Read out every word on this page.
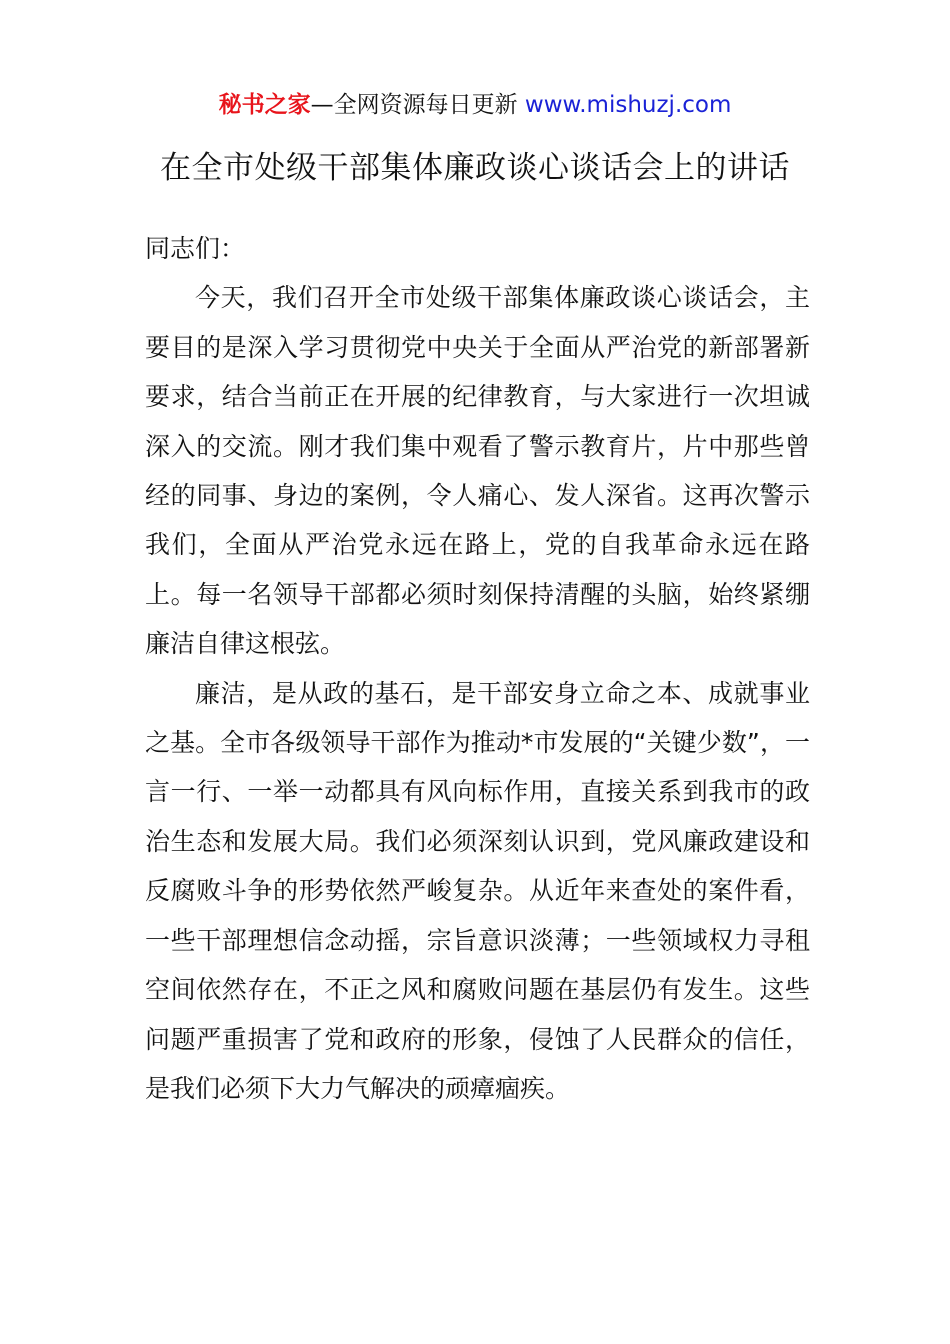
秘书之家—全网资源每日更新 www.mishuzj.com
在全市处级干部集体廉政谈心谈话会上的讲话

同志们：

今天，我们召开全市处级干部集体廉政谈心谈话会，主要目的是深入学习贯彻党中央关于全面从严治党的新部署新要求，结合当前正在开展的纪律教育，与大家进行一次坦诚深入的交流。刚才我们集中观看了警示教育片，片中那些曾经的同事、身边的案例，令人痛心、发人深省。这再次警示我们，全面从严治党永远在路上，党的自我革命永远在路上。每一名领导干部都必须时刻保持清醒的头脑，始终紧绷廉洁自律这根弦。

廉洁，是从政的基石，是干部安身立命之本、成就事业之基。全市各级领导干部作为推动*市发展的“关键少数”，一言一行、一举一动都具有风向标作用，直接关系到我市的政治生态和发展大局。我们必须深刻认识到，党风廉政建设和反腐败斗争的形势依然严峻复杂。从近年来查处的案件看，一些干部理想信念动摇，宗旨意识淡薄；一些领域权力寻租空间依然存在，不正之风和腐败问题在基层仍有发生。这些问题严重损害了党和政府的形象，侵蚀了人民群众的信任，是我们必须下大力气解决的顽瘴痼疾。
